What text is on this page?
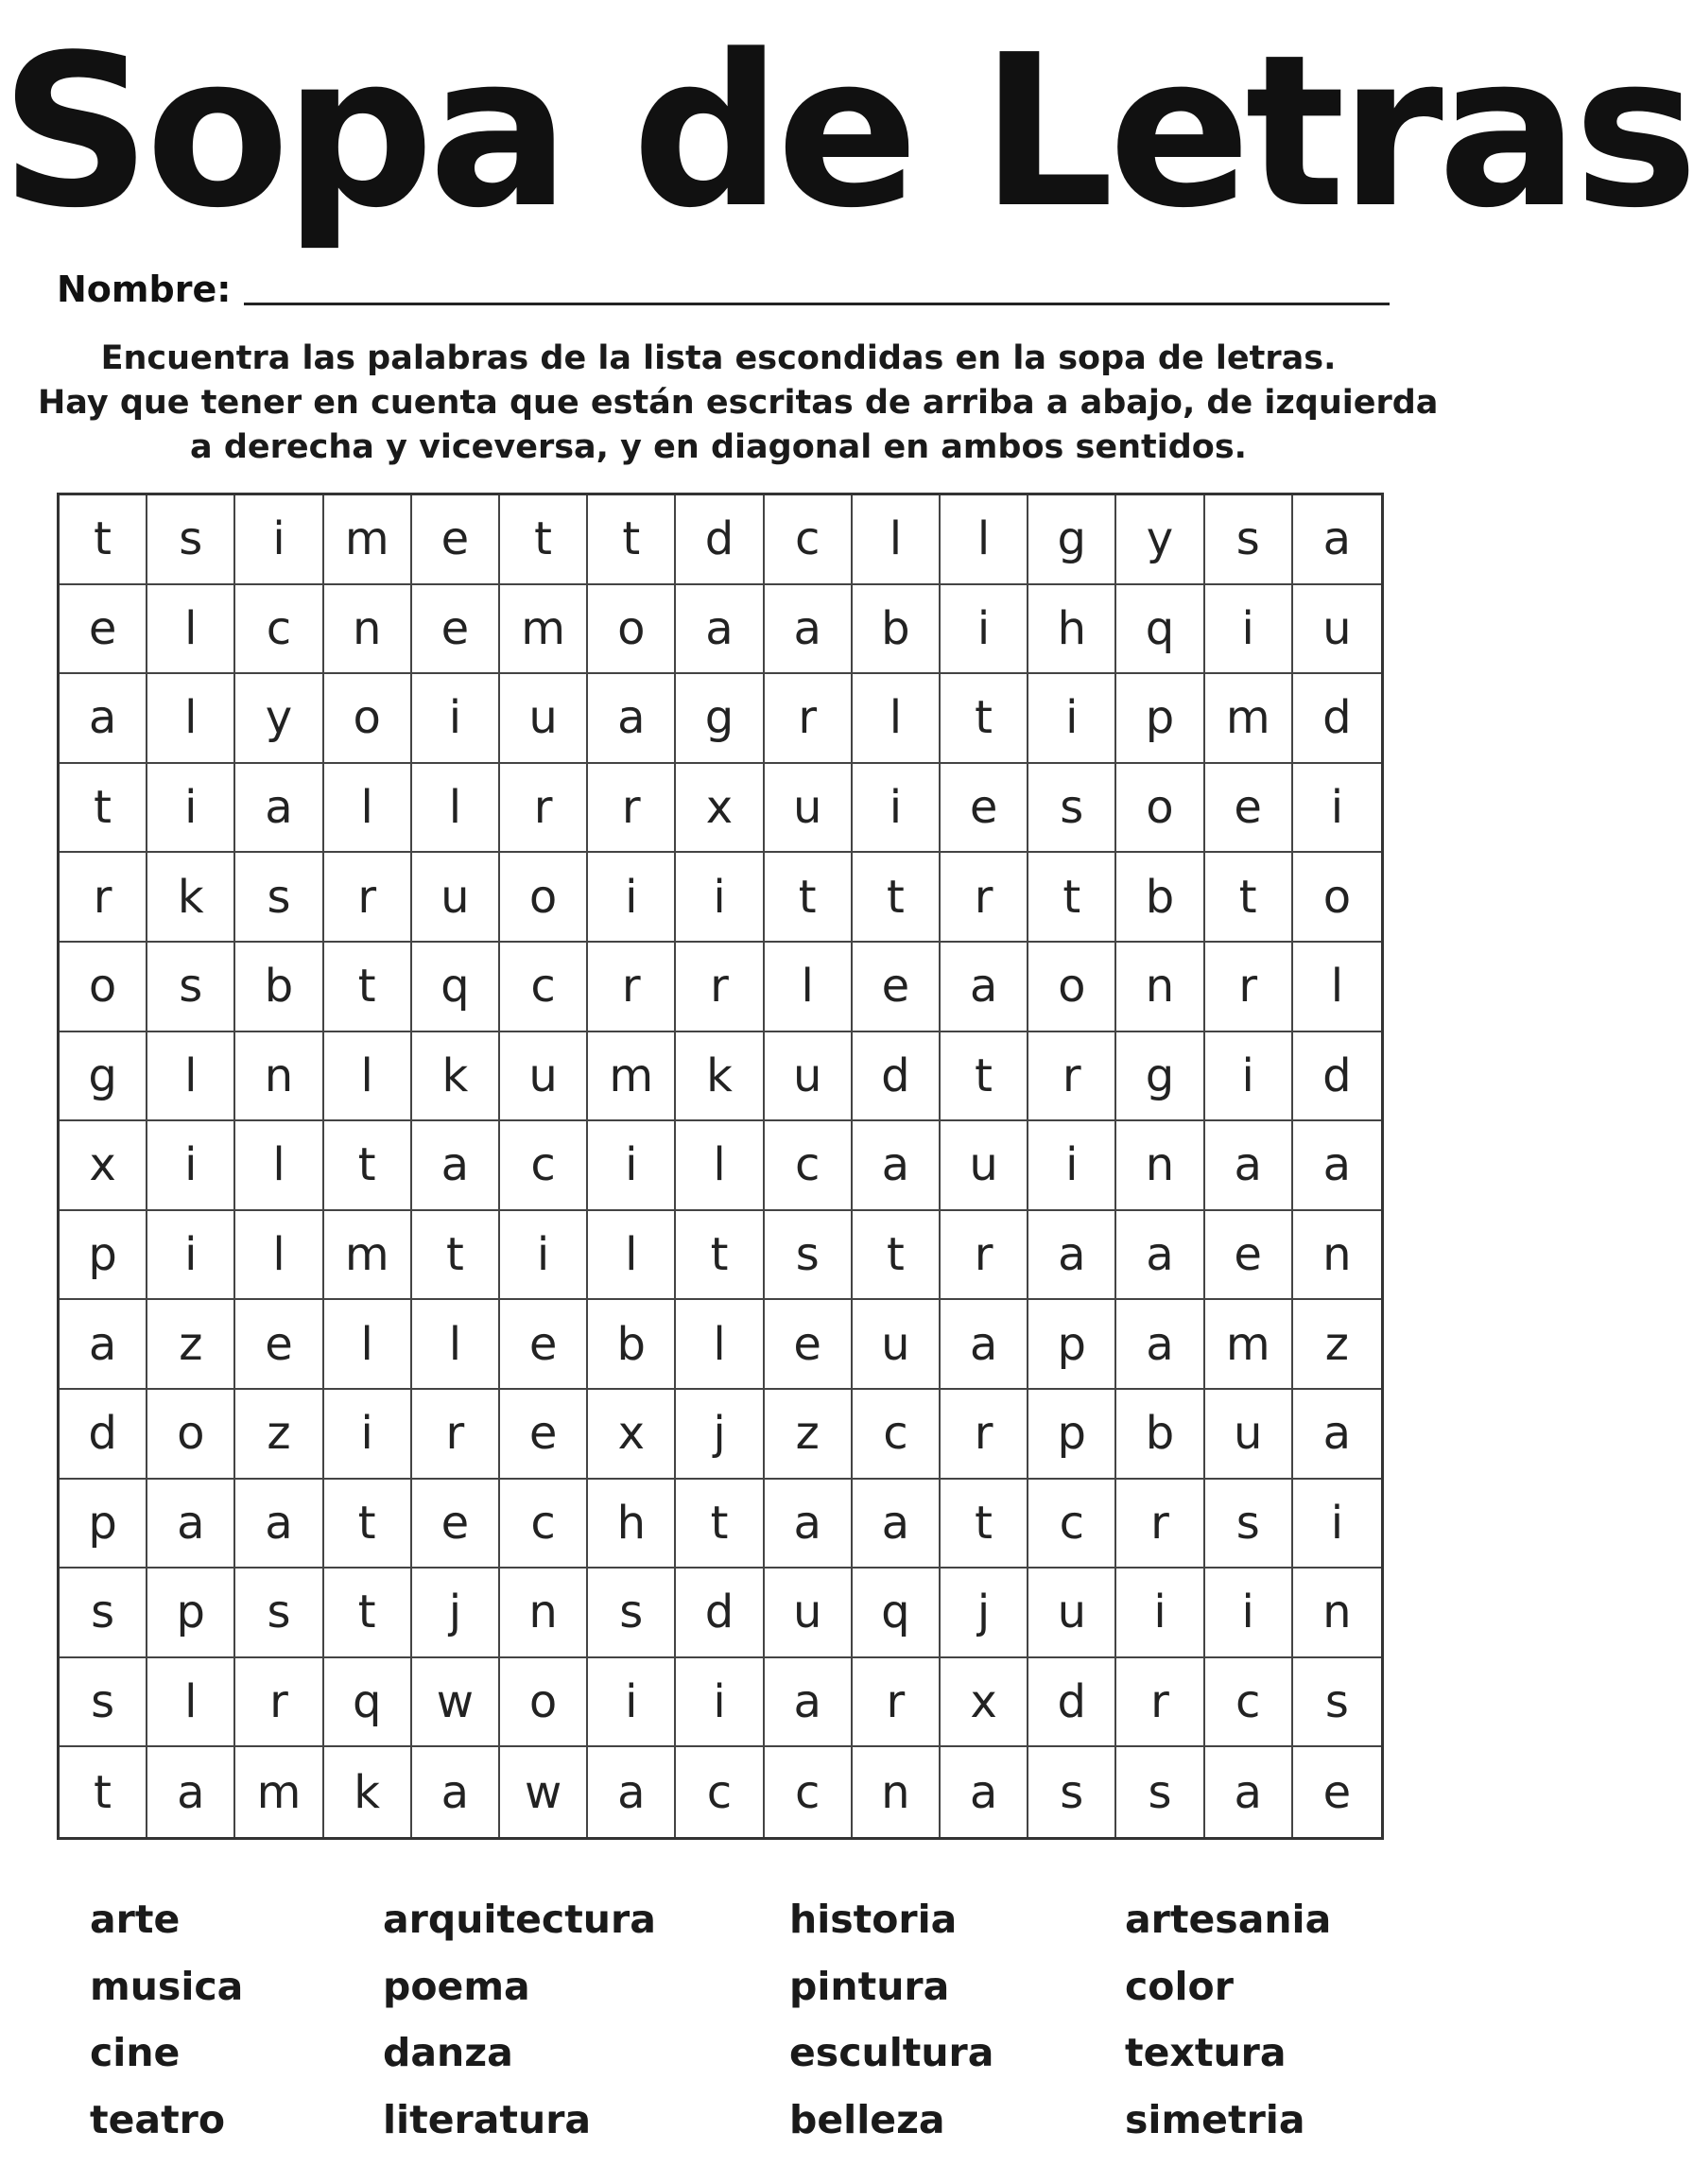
Sopa de Letras
Nombre:
Encuentra las palabras de la lista escondidas en la sopa de letras.
Hay que tener en cuenta que están escritas de arriba a abajo, de izquierda
a derecha y viceversa, y en diagonal en ambos sentidos.
t	s	i	m	e	t	t	d	c	l	l	g	y	s	a
e	l	c	n	e	m	o	a	a	b	i	h	q	i	u
a	l	y	o	i	u	a	g	r	l	t	i	p	m	d
t	i	a	l	l	r	r	x	u	i	e	s	o	e	i
r	k	s	r	u	o	i	i	t	t	r	t	b	t	o
o	s	b	t	q	c	r	r	l	e	a	o	n	r	l
g	l	n	l	k	u	m	k	u	d	t	r	g	i	d
x	i	l	t	a	c	i	l	c	a	u	i	n	a	a
p	i	l	m	t	i	l	t	s	t	r	a	a	e	n
a	z	e	l	l	e	b	l	e	u	a	p	a	m	z
d	o	z	i	r	e	x	j	z	c	r	p	b	u	a
p	a	a	t	e	c	h	t	a	a	t	c	r	s	i
s	p	s	t	j	n	s	d	u	q	j	u	i	i	n
s	l	r	q	w	o	i	i	a	r	x	d	r	c	s
t	a	m	k	a	w	a	c	c	n	a	s	s	a	e
arte
musica
cine
teatro
arquitectura
poema
danza
literatura
historia
pintura
escultura
belleza
artesania
color
textura
simetria
